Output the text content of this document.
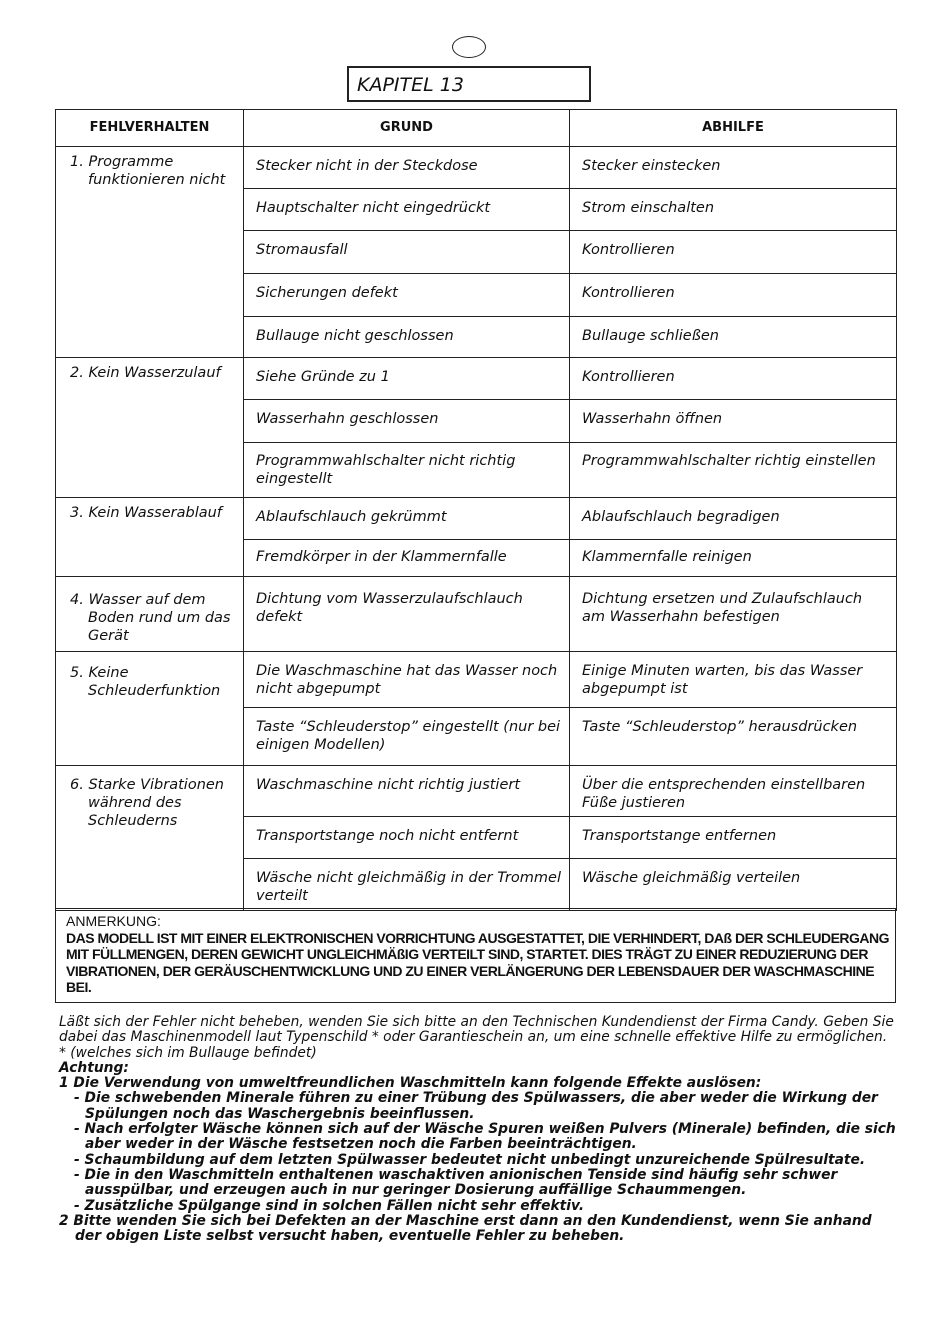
KAPITEL 13
FEHLVERHALTEN	GRUND	ABHILFE

1. Programme funktionieren nicht	Stecker nicht in der Steckdose	Stecker einstecken
	Hauptschalter nicht eingedrückt	Strom einschalten
	Stromausfall	Kontrollieren
	Sicherungen defekt	Kontrollieren
	Bullauge nicht geschlossen	Bullauge schließen

2. Kein Wasserzulauf	Siehe Gründe zu 1	Kontrollieren
	Wasserhahn geschlossen	Wasserhahn öffnen
	Programmwahlschalter nicht richtig eingestellt	Programmwahlschalter richtig einstellen

3. Kein Wasserablauf	Ablaufschlauch gekrümmt	Ablaufschlauch begradigen
	Fremdkörper in der Klammernfalle	Klammernfalle reinigen

4. Wasser auf dem Boden rund um das Gerät	Dichtung vom Wasserzulaufschlauch defekt	Dichtung ersetzen und Zulaufschlauch am Wasserhahn befestigen

5. Keine Schleuderfunktion	Die Waschmaschine hat das Wasser noch nicht abgepumpt	Einige Minuten warten, bis das Wasser abgepumpt ist
	Taste “Schleuderstop” eingestellt (nur bei einigen Modellen)	Taste “Schleuderstop” herausdrücken

6. Starke Vibrationen während des Schleuderns	Waschmaschine nicht richtig justiert	Über die entsprechenden einstellbaren Füße justieren
	Transportstange noch nicht entfernt	Transportstange entfernen
	Wäsche nicht gleichmäßig in der Trommel verteilt	Wäsche gleichmäßig verteilen
ANMERKUNG:
DAS MODELL IST MIT EINER ELEKTRONISCHEN VORRICHTUNG AUSGESTATTET, DIE VERHINDERT, DAß DER SCHLEUDERGANG MIT FÜLLMENGEN, DEREN GEWICHT UNGLEICHMÄßIG VERTEILT SIND, STARTET. DIES TRÄGT ZU EINER REDUZIERUNG DER VIBRATIONEN, DER GERÄUSCHENTWICKLUNG UND ZU EINER VERLÄNGERUNG DER LEBENSDAUER DER WASCHMASCHINE BEI.
Läßt sich der Fehler nicht beheben, wenden Sie sich bitte an den Technischen Kundendienst der Firma Candy. Geben Sie dabei das Maschinenmodell laut Typenschild * oder Garantieschein an, um eine schnelle effektive Hilfe zu ermöglichen.
* (welches sich im Bullauge befindet)
Achtung:
1 Die Verwendung von umweltfreundlichen Waschmitteln kann folgende Effekte auslösen:
- Die schwebenden Minerale führen zu einer Trübung des Spülwassers, die aber weder die Wirkung der Spülungen noch das Waschergebnis beeinflussen.
- Nach erfolgter Wäsche können sich auf der Wäsche Spuren weißen Pulvers (Minerale) befinden, die sich aber weder in der Wäsche festsetzen noch die Farben beeinträchtigen.
- Schaumbildung auf dem letzten Spülwasser bedeutet nicht unbedingt unzureichende Spülresultate.
- Die in den Waschmitteln enthaltenen waschaktiven anionischen Tenside sind häufig sehr schwer ausspülbar, und erzeugen auch in nur geringer Dosierung auffällige Schaummengen.
- Zusätzliche Spülgange sind in solchen Fällen nicht sehr effektiv.
2 Bitte wenden Sie sich bei Defekten an der Maschine erst dann an den Kundendienst, wenn Sie anhand der obigen Liste selbst versucht haben, eventuelle Fehler zu beheben.
